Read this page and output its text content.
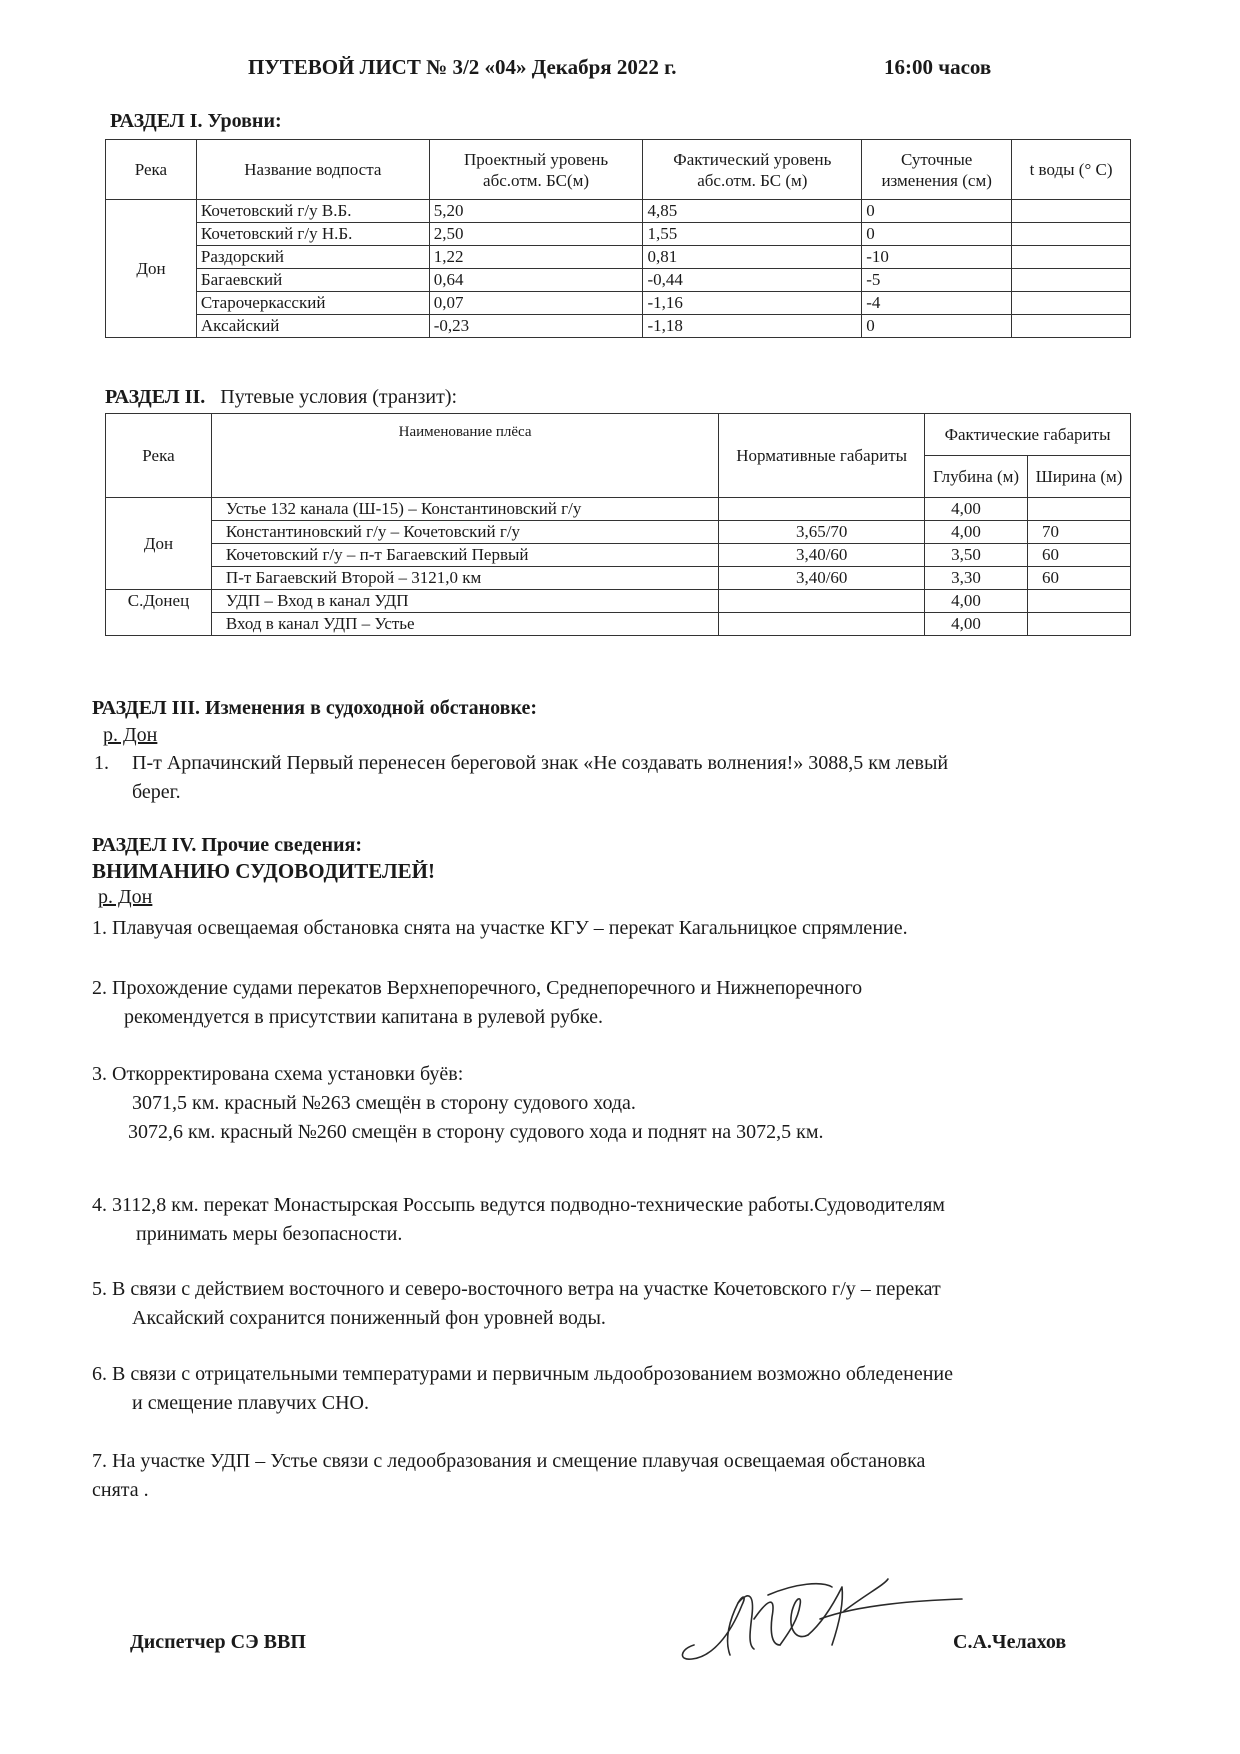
ПУТЕВОЙ ЛИСТ № 3/2 «04» Декабря 2022 г.	16:00 часов
РАЗДЕЛ I. Уровни:
Река	Название водпоста	Проектный уровень абс.отм. БС(м)	Фактический уровень абс.отм. БС (м)	Суточные изменения (см)	t воды (° С)
Дон	Кочетовский г/у В.Б.	5,20	4,85	0	
	Кочетовский г/у Н.Б.	2,50	1,55	0	
	Раздорский	1,22	0,81	-10	
	Багаевский	0,64	-0,44	-5	
	Старочеркасский	0,07	-1,16	-4	
	Аксайский	-0,23	-1,18	0	
РАЗДЕЛ II. Путевые условия (транзит):
Река	Наименование плёса	Нормативные габариты	Фактические габариты	
			Глубина (м)	Ширина (м)
Дон	Устье 132 канала (Ш-15) – Константиновский г/у		4,00	
	Константиновский г/у – Кочетовский г/у	3,65/70	4,00	70
	Кочетовский г/у – п-т Багаевский Первый	3,40/60	3,50	60
	П-т Багаевский Второй – 3121,0 км	3,40/60	3,30	60
С.Донец	УДП – Вход в канал УДП		4,00	
	Вход в канал УДП – Устье		4,00	
РАЗДЕЛ III. Изменения в судоходной обстановке:
р. Дон
1. П-т Арпачинский Первый перенесен береговой знак «Не создавать волнения!» 3088,5 км левый
берег.
РАЗДЕЛ IV. Прочие сведения:
ВНИМАНИЮ СУДОВОДИТЕЛЕЙ!
р. Дон
1. Плавучая освещаемая обстановка снята на участке КГУ – перекат Кагальницкое спрямление.
2. Прохождение судами перекатов Верхнепоречного, Среднепоречного и Нижнепоречного
рекомендуется в присутствии капитана в рулевой рубке.
3. Откорректирована схема установки буёв:
3071,5 км. красный №263 смещён в сторону судового хода.
3072,6 км. красный №260 смещён в сторону судового хода и поднят на 3072,5 км.
4. 3112,8 км. перекат Монастырская Россыпь ведутся подводно-технические работы.Судоводителям
принимать меры безопасности.
5. В связи с действием восточного и северо-восточного ветра на участке Кочетовского г/у – перекат
Аксайский сохранится пониженный фон уровней воды.
6. В связи с отрицательными температурами и первичным льдооброзованием возможно обледенение
и смещение плавучих СНО.
7. На участке УДП – Устье связи с ледообразования и смещение плавучая освещаемая обстановка
снята .
Диспетчер СЭ ВВП	С.А.Челахов
